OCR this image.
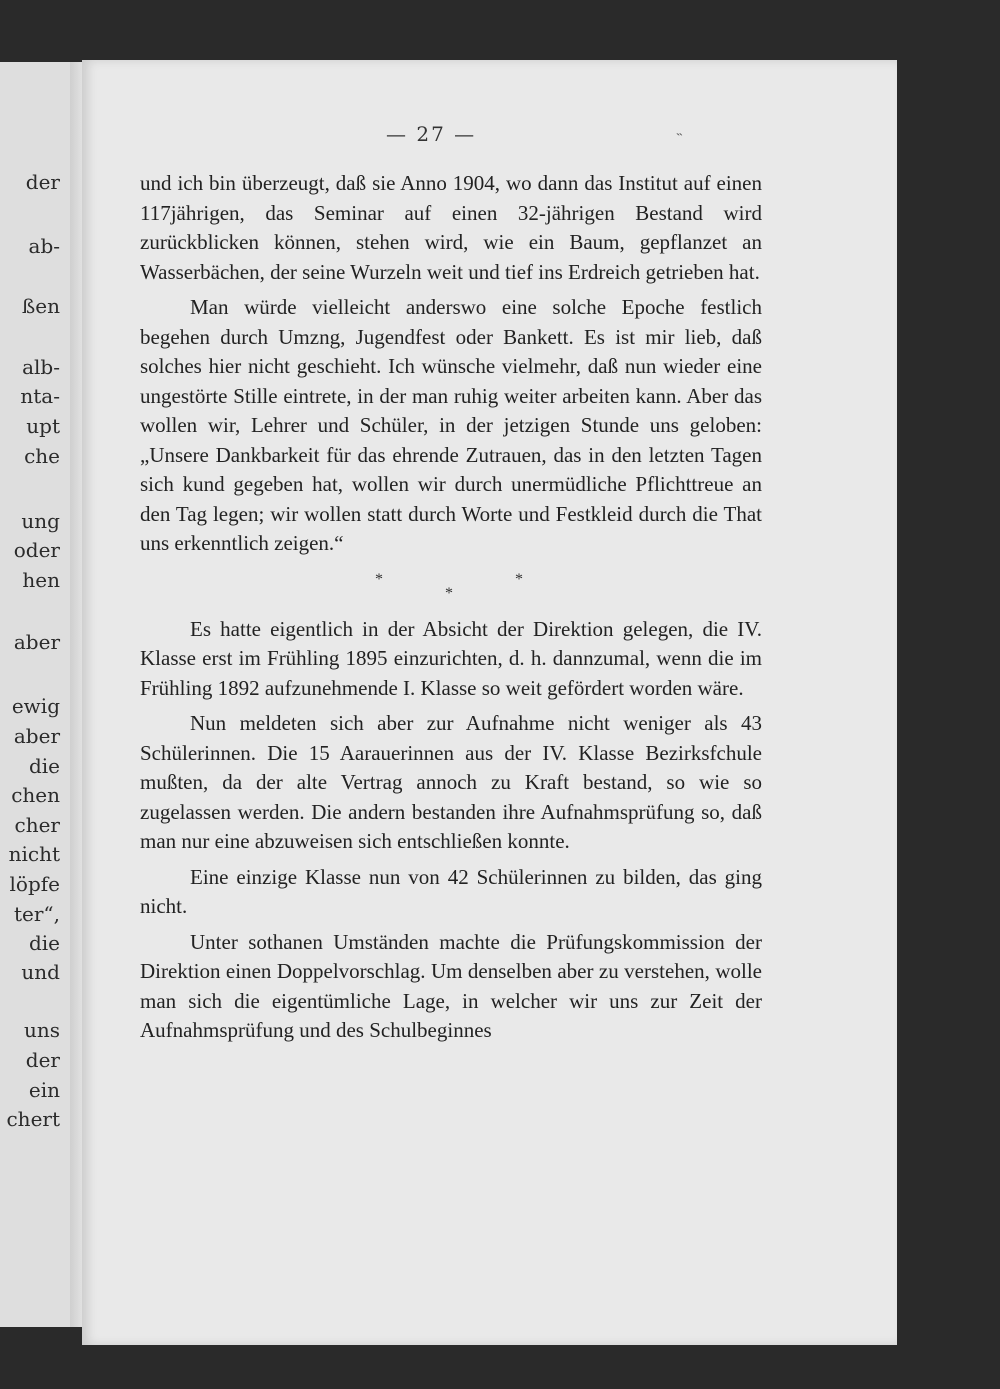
der
ab-
ßen
alb-
nta-
upt
che
ung
oder
hen
aber
ewig
aber
die
chen
cher
nicht
löpfe
ter“,
die
und
uns
der
ein
chert
— 27 —	˵

und ich bin überzeugt, daß sie Anno 1904, wo dann das Institut auf einen 117jährigen, das Seminar auf einen 32-jährigen Bestand wird zurückblicken können, stehen wird, wie ein Baum, gepflanzet an Wasserbächen, der seine Wurzeln weit und tief ins Erdreich getrieben hat.

Man würde vielleicht anderswo eine solche Epoche festlich begehen durch Umzng, Jugendfest oder Bankett. Es ist mir lieb, daß solches hier nicht geschieht. Ich wünsche vielmehr, daß nun wieder eine ungestörte Stille eintrete, in der man ruhig weiter arbeiten kann. Aber das wollen wir, Lehrer und Schüler, in der jetzigen Stunde uns geloben: „Unsere Dankbarkeit für das ehrende Zutrauen, das in den letzten Tagen sich kund gegeben hat, wollen wir durch unermüdliche Pflichttreue an den Tag legen; wir wollen statt durch Worte und Festkleid durch die That uns erkenntlich zeigen.“

*
*
*

Es hatte eigentlich in der Absicht der Direktion gelegen, die IV. Klasse erst im Frühling 1895 einzurichten, d. h. dannzumal, wenn die im Frühling 1892 aufzunehmende I. Klasse so weit gefördert worden wäre.

Nun meldeten sich aber zur Aufnahme nicht weniger als 43 Schülerinnen. Die 15 Aarauerinnen aus der IV. Klasse Bezirksfchule mußten, da der alte Vertrag annoch zu Kraft bestand, so wie so zugelassen werden. Die andern bestanden ihre Aufnahmsprüfung so, daß man nur eine abzuweisen sich entschließen konnte.

Eine einzige Klasse nun von 42 Schülerinnen zu bilden, das ging nicht.

Unter sothanen Umständen machte die Prüfungskommission der Direktion einen Doppelvorschlag. Um denselben aber zu verstehen, wolle man sich die eigentümliche Lage, in welcher wir uns zur Zeit der Aufnahmsprüfung und des Schulbeginnes
